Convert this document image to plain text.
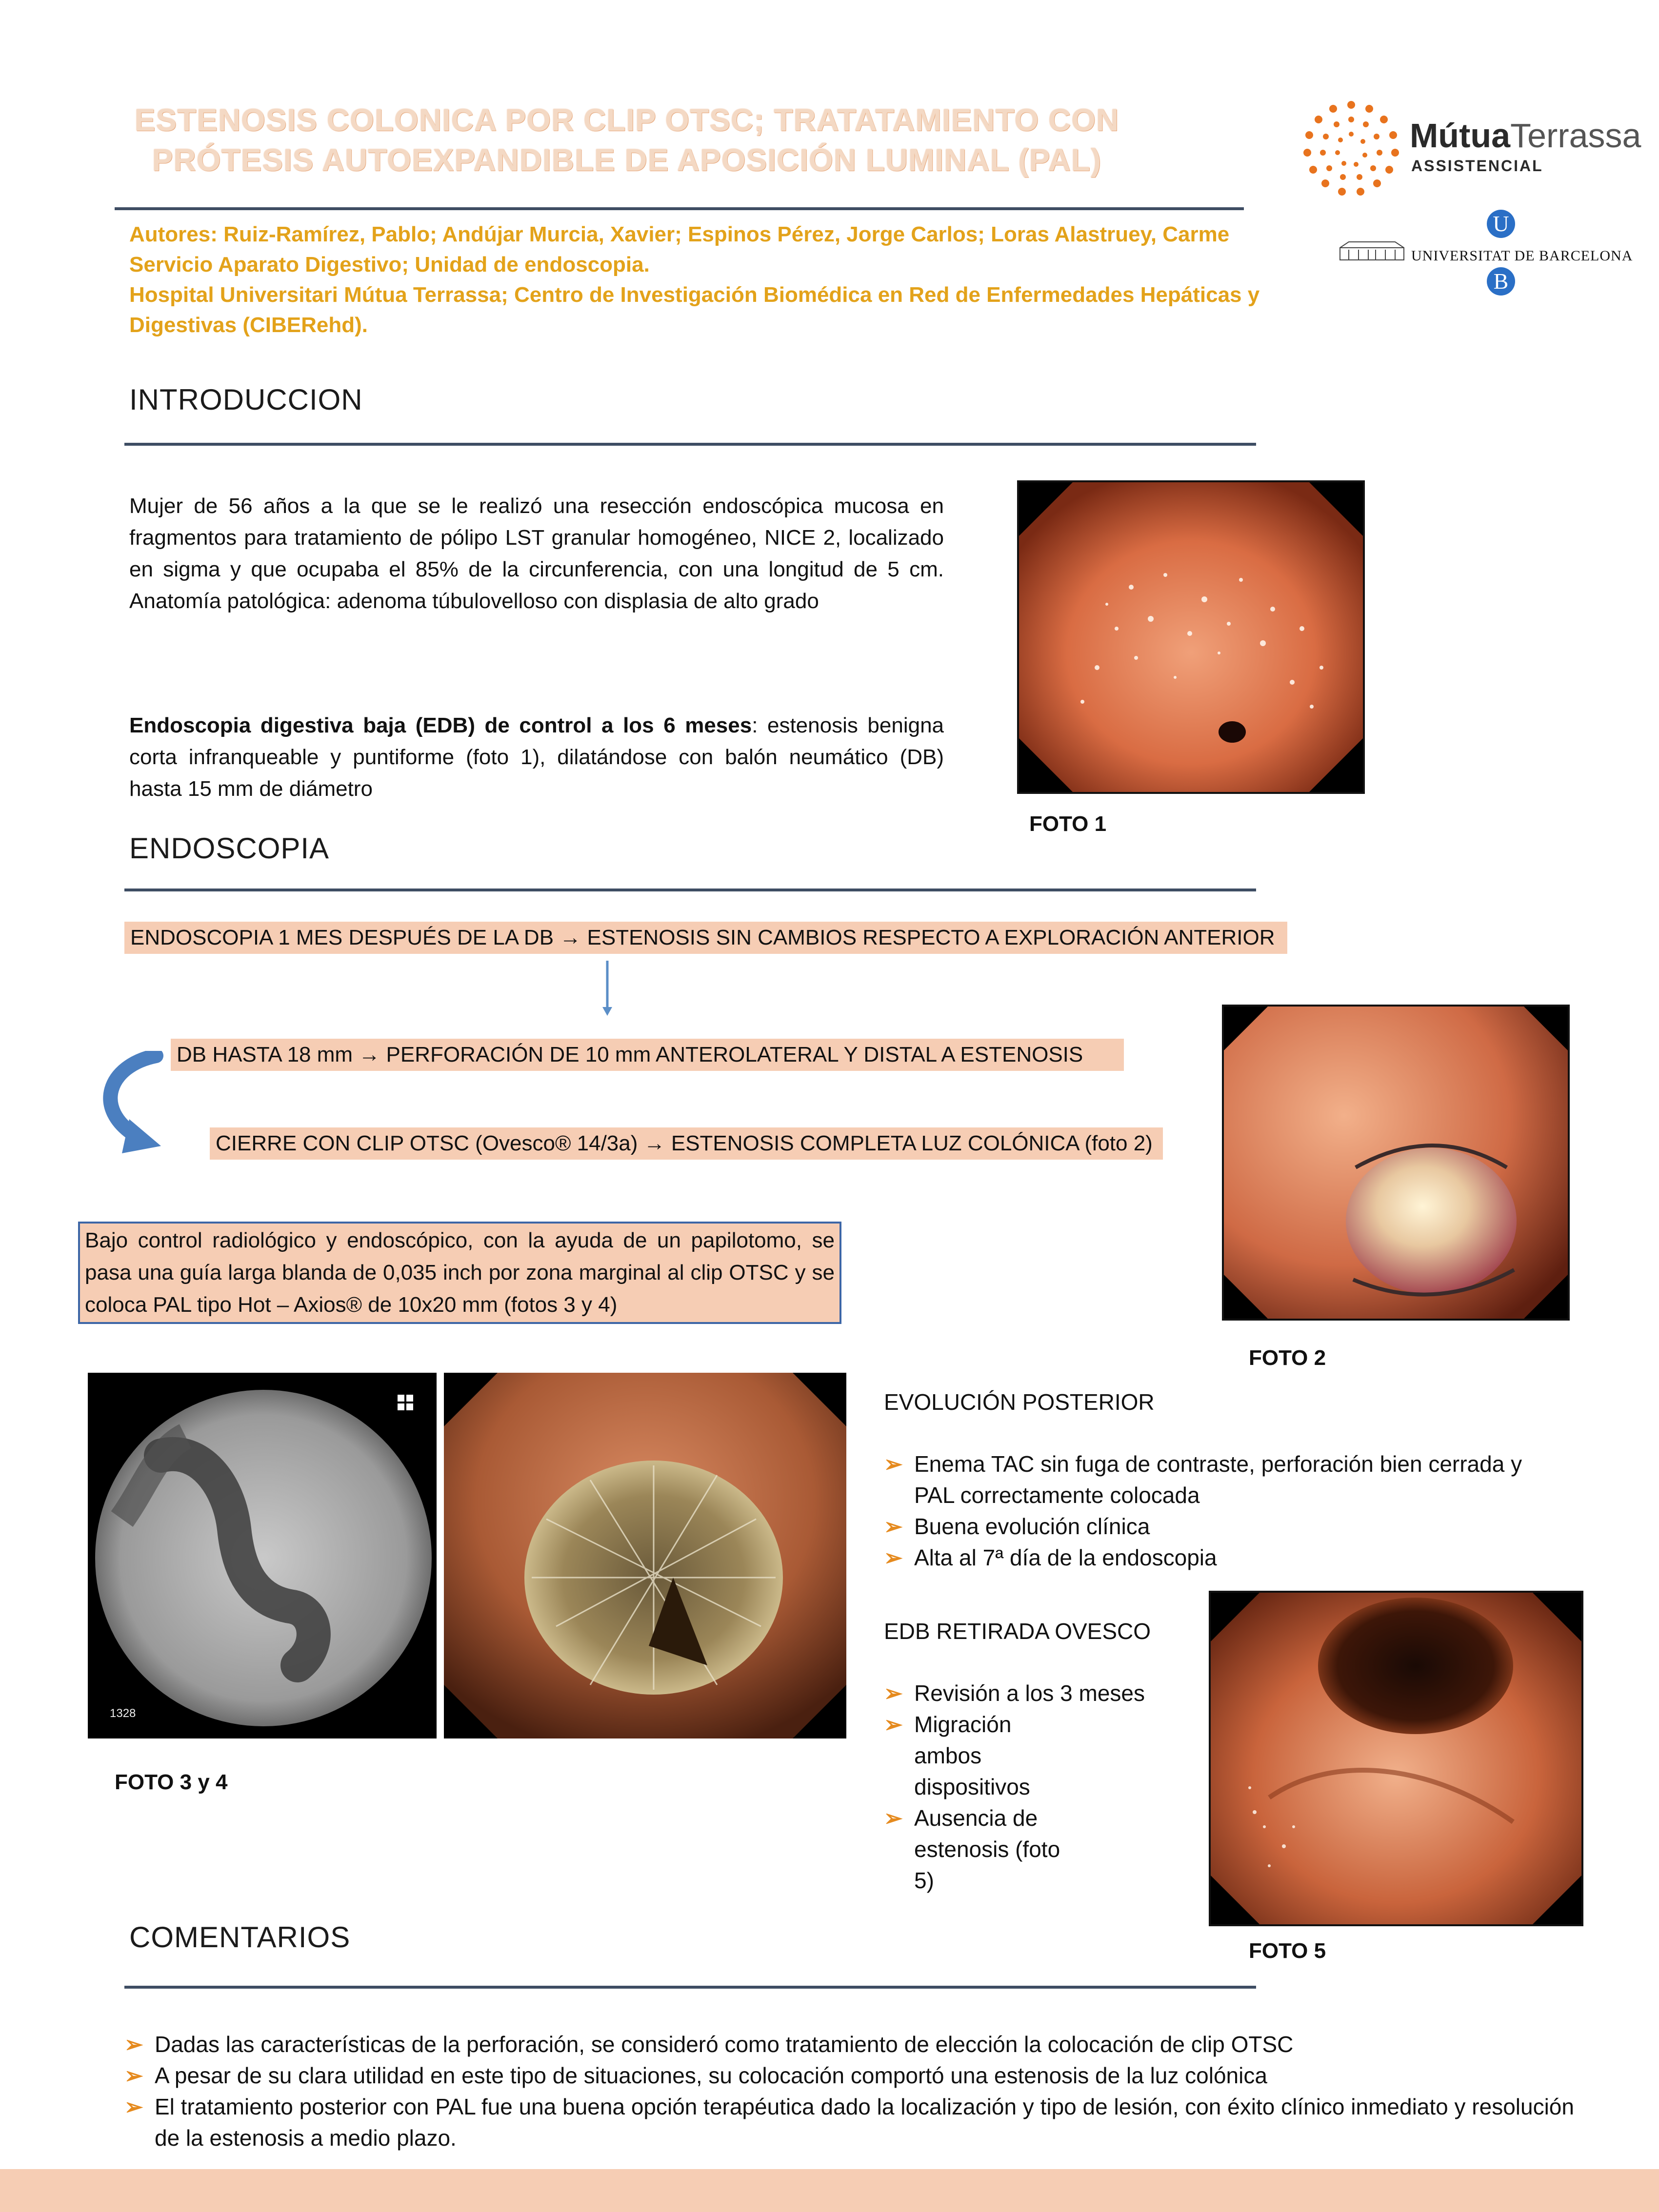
ESTENOSIS COLONICA POR CLIP OTSC; TRATATAMIENTO CON
PRÓTESIS AUTOEXPANDIBLE DE APOSICIÓN LUMINAL (PAL)
Autores: Ruiz-Ramírez, Pablo; Andújar Murcia, Xavier; Espinos Pérez, Jorge Carlos; Loras Alastruey, Carme
Servicio Aparato Digestivo; Unidad de endoscopia.
Hospital Universitari Mútua Terrassa; Centro de Investigación Biomédica en Red de Enfermedades Hepáticas y Digestivas (CIBERehd).
MútuaTerrassa
ASSISTENCIAL
U
UNIVERSITAT DE BARCELONA
B
INTRODUCCION
Mujer de 56 años a la que se le realizó una resección endoscópica mucosa en fragmentos para tratamiento de pólipo LST granular homogéneo, NICE 2, localizado en sigma y que ocupaba el 85% de la circunferencia, con una longitud de 5 cm. Anatomía patológica: adenoma túbulovelloso con displasia de alto grado
Endoscopia digestiva baja (EDB) de control a los 6 meses: estenosis benigna corta infranqueable y puntiforme (foto 1), dilatándose con balón neumático (DB) hasta 15 mm de diámetro
FOTO 1
ENDOSCOPIA
ENDOSCOPIA 1 MES DESPUÉS DE LA DB → ESTENOSIS SIN CAMBIOS RESPECTO A EXPLORACIÓN ANTERIOR
DB HASTA 18 mm → PERFORACIÓN DE 10 mm ANTEROLATERAL Y DISTAL A ESTENOSIS
CIERRE CON CLIP OTSC (Ovesco® 14/3a) → ESTENOSIS COMPLETA LUZ COLÓNICA (foto 2)
Bajo control radiológico y endoscópico, con la ayuda de un papilotomo, se pasa una guía larga blanda de 0,035 inch por zona marginal al clip OTSC y se coloca PAL tipo Hot – Axios® de 10x20 mm (fotos 3 y 4)
FOTO 2
1328
FOTO 3 y 4
EVOLUCIÓN POSTERIOR
➢ Enema TAC sin fuga de contraste, perforación bien cerrada y PAL correctamente colocada
➢ Buena evolución clínica
➢ Alta al 7ª día de la endoscopia
EDB RETIRADA OVESCO
➢ Revisión a los 3 meses
➢ Migración ambos dispositivos
➢ Ausencia de estenosis (foto 5)
FOTO 5
COMENTARIOS
➢ Dadas las características de la perforación, se consideró como tratamiento de elección la colocación de clip OTSC
➢ A pesar de su clara utilidad en este tipo de situaciones, su colocación comportó una estenosis de la luz colónica
➢ El tratamiento posterior con PAL fue una buena opción terapéutica dado la localización y tipo de lesión, con éxito clínico inmediato y resolución de la estenosis a medio plazo.
